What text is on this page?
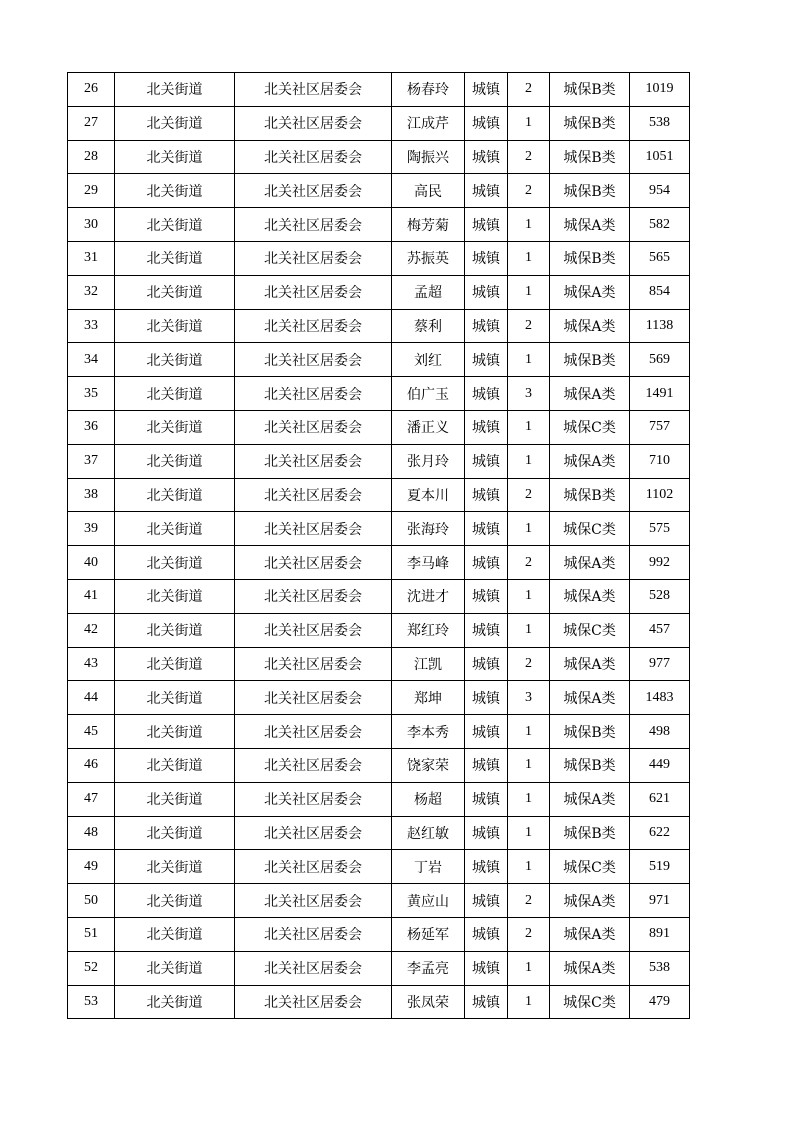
26	北关街道	北关社区居委会	杨春玲	城镇	2	城保B类	1019
27	北关街道	北关社区居委会	江成芹	城镇	1	城保B类	538
28	北关街道	北关社区居委会	陶振兴	城镇	2	城保B类	1051
29	北关街道	北关社区居委会	高民	城镇	2	城保B类	954
30	北关街道	北关社区居委会	梅芳菊	城镇	1	城保A类	582
31	北关街道	北关社区居委会	苏振英	城镇	1	城保B类	565
32	北关街道	北关社区居委会	孟超	城镇	1	城保A类	854
33	北关街道	北关社区居委会	蔡利	城镇	2	城保A类	1138
34	北关街道	北关社区居委会	刘红	城镇	1	城保B类	569
35	北关街道	北关社区居委会	伯广玉	城镇	3	城保A类	1491
36	北关街道	北关社区居委会	潘正义	城镇	1	城保C类	757
37	北关街道	北关社区居委会	张月玲	城镇	1	城保A类	710
38	北关街道	北关社区居委会	夏本川	城镇	2	城保B类	1102
39	北关街道	北关社区居委会	张海玲	城镇	1	城保C类	575
40	北关街道	北关社区居委会	李马峰	城镇	2	城保A类	992
41	北关街道	北关社区居委会	沈进才	城镇	1	城保A类	528
42	北关街道	北关社区居委会	郑红玲	城镇	1	城保C类	457
43	北关街道	北关社区居委会	江凯	城镇	2	城保A类	977
44	北关街道	北关社区居委会	郑坤	城镇	3	城保A类	1483
45	北关街道	北关社区居委会	李本秀	城镇	1	城保B类	498
46	北关街道	北关社区居委会	饶家荣	城镇	1	城保B类	449
47	北关街道	北关社区居委会	杨超	城镇	1	城保A类	621
48	北关街道	北关社区居委会	赵红敏	城镇	1	城保B类	622
49	北关街道	北关社区居委会	丁岩	城镇	1	城保C类	519
50	北关街道	北关社区居委会	黄应山	城镇	2	城保A类	971
51	北关街道	北关社区居委会	杨延军	城镇	2	城保A类	891
52	北关街道	北关社区居委会	李孟亮	城镇	1	城保A类	538
53	北关街道	北关社区居委会	张凤荣	城镇	1	城保C类	479
